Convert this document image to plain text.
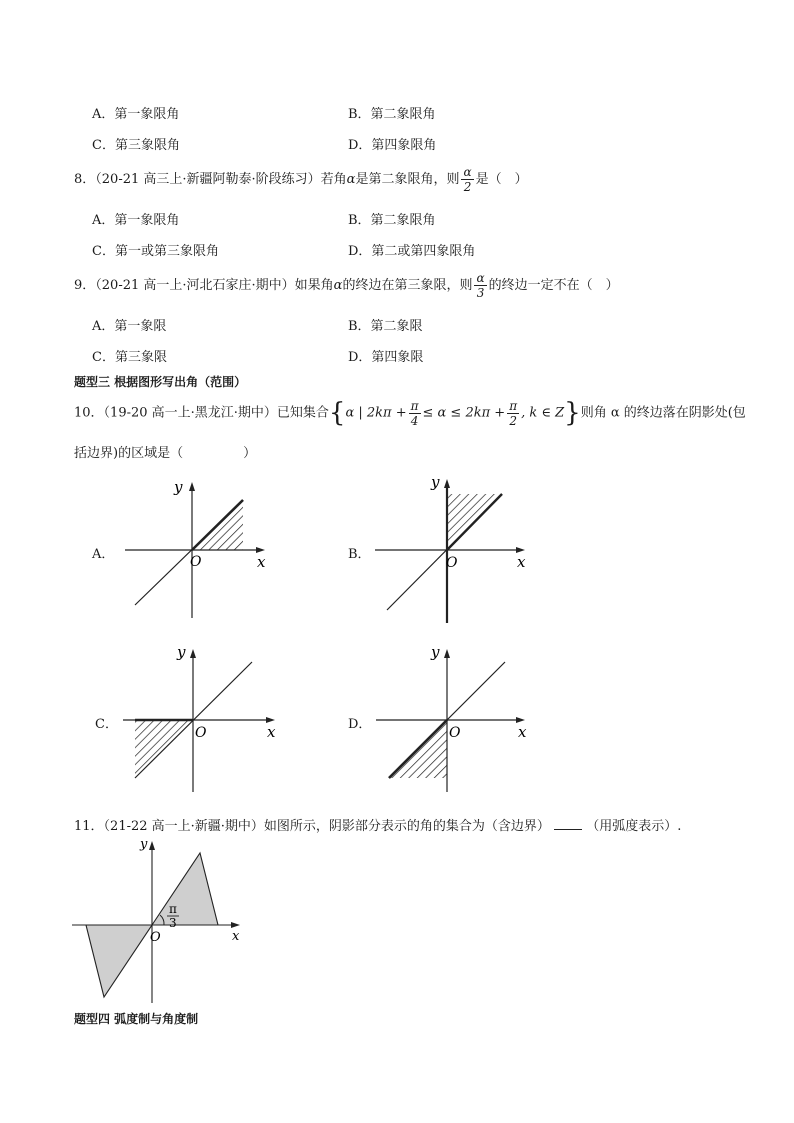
A．第一象限角	B．第二象限角
C．第三象限角	D．第四象限角
8．（20-21 高三上·新疆阿勒泰·阶段练习）若角α是第二象限角，则 $\frac{\alpha}{2}$ 是（　）
A．第一象限角	B．第二象限角
C．第一或第三象限角	D．第二或第四象限角
9．（20-21 高一上·河北石家庄·期中）如果角α的终边在第三象限，则 $\frac{\alpha}{3}$ 的终边一定不在（　）
A．第一象限	B．第二象限
C．第三象限	D．第四象限
题型三 根据图形写出角（范围）
10．（19-20 高一上·黑龙江·期中）已知集合{α | $2k\pi + \frac{\pi}{4} \le \alpha \le 2k\pi + \frac{\pi}{2}$ , k ∈ Z}则角 α 的终边落在阴影处(包
括边界)的区域是（	）
A．
y
x
O	B．
y
x
O
C．
y
x
O
D．
y
x
O
11．（21-22 高一上·新疆·期中）如图所示，阴影部分表示的角的集合为（含边界）	（用弧度表示）.
π
3
y
x
O
题型四 弧度制与角度制
